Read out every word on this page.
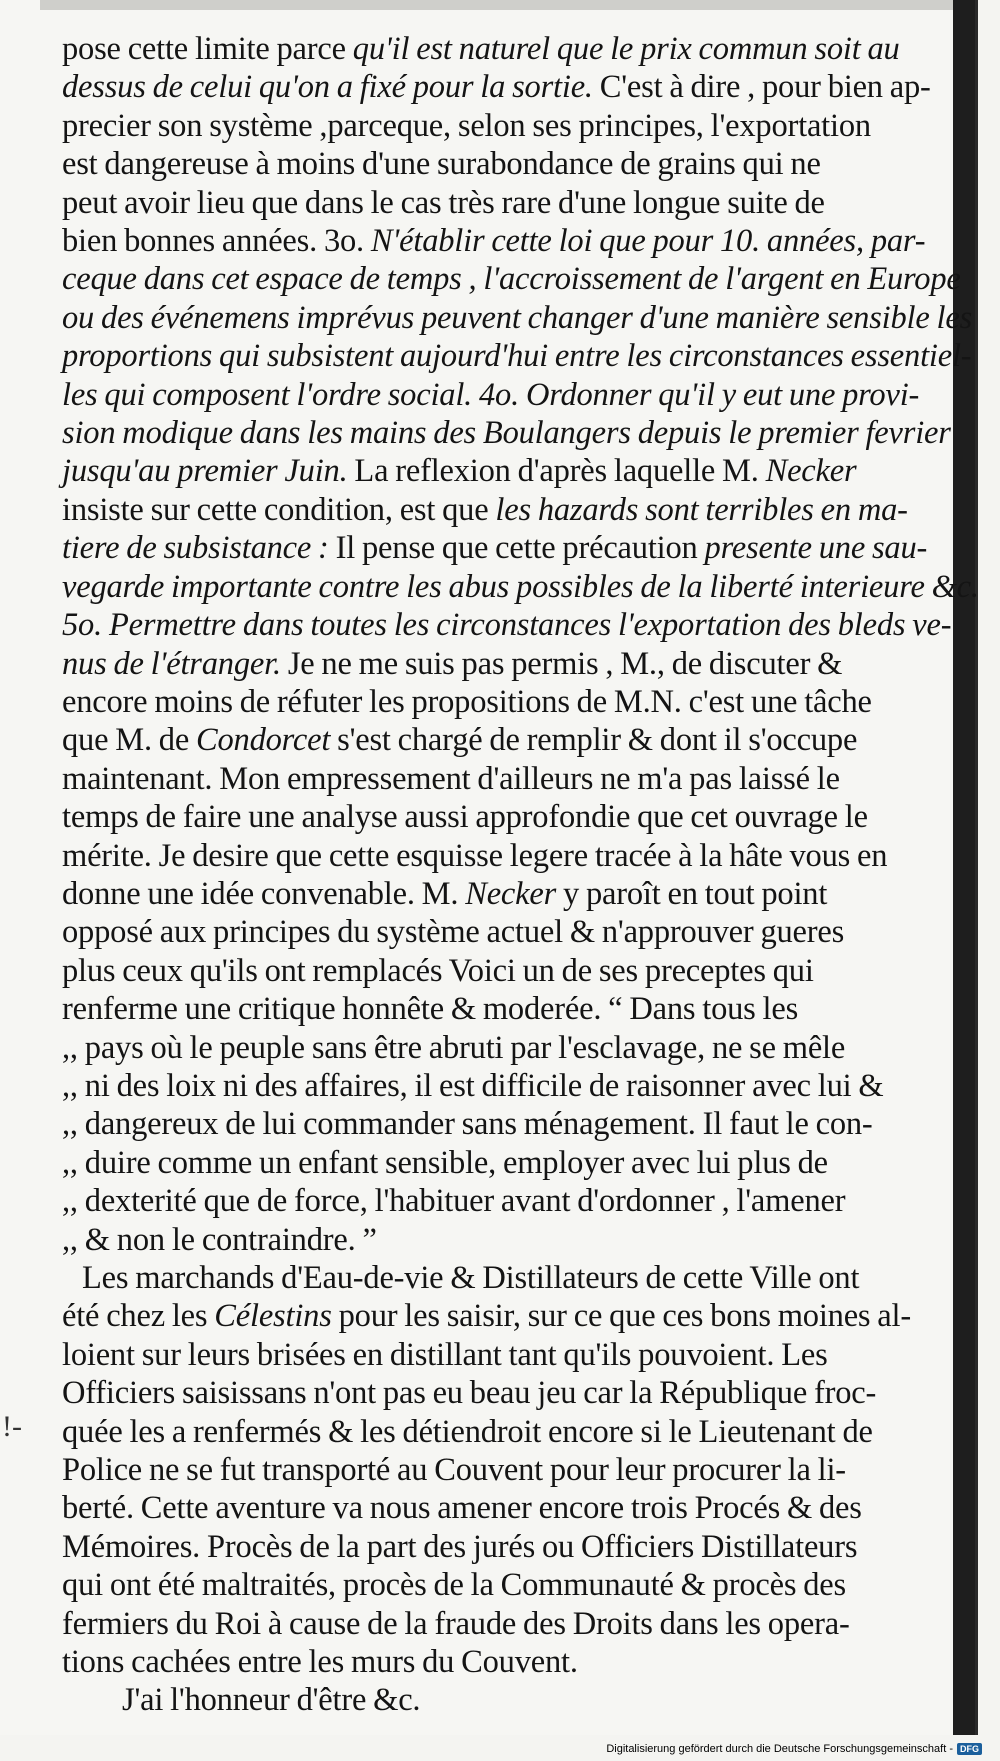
pose cette limite parce qu'il est naturel que le prix commun soit au
dessus de celui qu'on a fixé pour la sortie. C'est à dire , pour bien ap-
precier son système ,parceque, selon ses principes, l'exportation
est dangereuse à moins d'une surabondance de grains qui ne
peut avoir lieu que dans le cas très rare d'une longue suite de
bien bonnes années. 3o. N'établir cette loi que pour 10. années, par-
ceque dans cet espace de temps , l'accroissement de l'argent en Europe
ou des événemens imprévus peuvent changer d'une manière sensible les
proportions qui subsistent aujourd'hui entre les circonstances essentiel-
les qui composent l'ordre social. 4o. Ordonner qu'il y eut une provi-
sion modique dans les mains des Boulangers depuis le premier fevrier
jusqu'au premier Juin. La reflexion d'après laquelle M. Necker
insiste sur cette condition, est que les hazards sont terribles en ma-
tiere de subsistance : Il pense que cette précaution presente une sau-
vegarde importante contre les abus possibles de la liberté interieure &c.
5o. Permettre dans toutes les circonstances l'exportation des bleds ve-
nus de l'étranger. Je ne me suis pas permis , M., de discuter &
encore moins de réfuter les propositions de M.N. c'est une tâche
que M. de Condorcet s'est chargé de remplir & dont il s'occupe
maintenant. Mon empressement d'ailleurs ne m'a pas laissé le
temps de faire une analyse aussi approfondie que cet ouvrage le
mérite. Je desire que cette esquisse legere tracée à la hâte vous en
donne une idée convenable. M. Necker y paroît en tout point
opposé aux principes du système actuel & n'approuver gueres
plus ceux qu'ils ont remplacés Voici un de ses preceptes qui
renferme une critique honnête & moderée. “ Dans tous les
,, pays où le peuple sans être abruti par l'esclavage, ne se mêle
,, ni des loix ni des affaires, il est difficile de raisonner avec lui &
,, dangereux de lui commander sans ménagement. Il faut le con-
,, duire comme un enfant sensible, employer avec lui plus de
,, dexterité que de force, l'habituer avant d'ordonner , l'amener
,, & non le contraindre. ”
Les marchands d'Eau-de-vie & Distillateurs de cette Ville ont
été chez les Célestins pour les saisir, sur ce que ces bons moines al-
loient sur leurs brisées en distillant tant qu'ils pouvoient. Les
Officiers saisissans n'ont pas eu beau jeu car la République froc-
quée les a renfermés & les détiendroit encore si le Lieutenant de
Police ne se fut transporté au Couvent pour leur procurer la li-
berté. Cette aventure va nous amener encore trois Procés & des
Mémoires. Procès de la part des jurés ou Officiers Distillateurs
qui ont été maltraités, procès de la Communauté & procès des
fermiers du Roi à cause de la fraude des Droits dans les opera-
tions cachées entre les murs du Couvent.
J'ai l'honneur d'être &c.
!-
Digitalisierung gefördert durch die Deutsche Forschungsgemeinschaft - DFG
